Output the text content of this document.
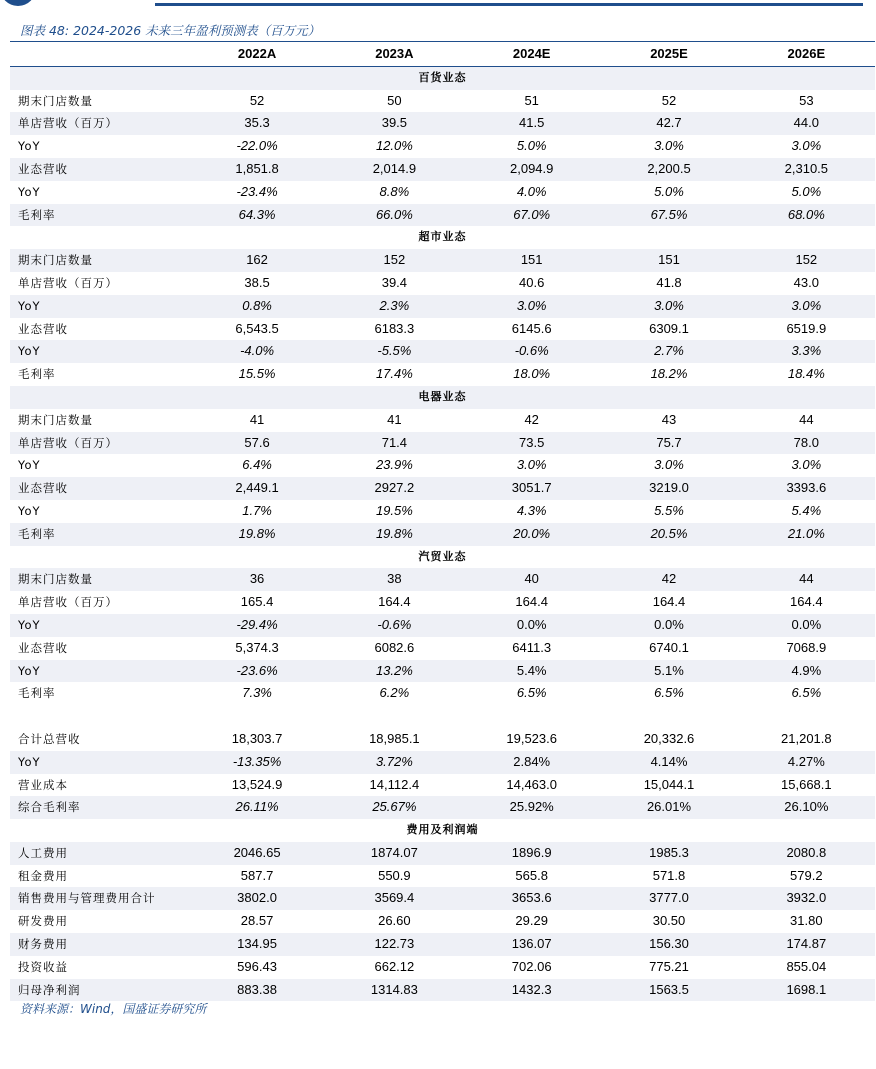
图表 48: 2024-2026 未来三年盈利预测表（百万元）
	2022A	2023A	2024E	2025E	2026E
百货业态					
期末门店数量	52	50	51	52	53
单店营收（百万）	35.3	39.5	41.5	42.7	44.0
YoY	-22.0%	12.0%	5.0%	3.0%	3.0%
业态营收	1,851.8	2,014.9	2,094.9	2,200.5	2,310.5
YoY	-23.4%	8.8%	4.0%	5.0%	5.0%
毛利率	64.3%	66.0%	67.0%	67.5%	68.0%
超市业态					
期末门店数量	162	152	151	151	152
单店营收（百万）	38.5	39.4	40.6	41.8	43.0
YoY	0.8%	2.3%	3.0%	3.0%	3.0%
业态营收	6,543.5	6183.3	6145.6	6309.1	6519.9
YoY	-4.0%	-5.5%	-0.6%	2.7%	3.3%
毛利率	15.5%	17.4%	18.0%	18.2%	18.4%
电器业态					
期末门店数量	41	41	42	43	44
单店营收（百万）	57.6	71.4	73.5	75.7	78.0
YoY	6.4%	23.9%	3.0%	3.0%	3.0%
业态营收	2,449.1	2927.2	3051.7	3219.0	3393.6
YoY	1.7%	19.5%	4.3%	5.5%	5.4%
毛利率	19.8%	19.8%	20.0%	20.5%	21.0%
汽贸业态					
期末门店数量	36	38	40	42	44
单店营收（百万）	165.4	164.4	164.4	164.4	164.4
YoY	-29.4%	-0.6%	0.0%	0.0%	0.0%
业态营收	5,374.3	6082.6	6411.3	6740.1	7068.9
YoY	-23.6%	13.2%	5.4%	5.1%	4.9%
毛利率	7.3%	6.2%	6.5%	6.5%	6.5%

合计总营收	18,303.7	18,985.1	19,523.6	20,332.6	21,201.8
YoY	-13.35%	3.72%	2.84%	4.14%	4.27%
营业成本	13,524.9	14,112.4	14,463.0	15,044.1	15,668.1
综合毛利率	26.11%	25.67%	25.92%	26.01%	26.10%
费用及利润端					
人工费用	2046.65	1874.07	1896.9	1985.3	2080.8
租金费用	587.7	550.9	565.8	571.8	579.2
销售费用与管理费用合计	3802.0	3569.4	3653.6	3777.0	3932.0
研发费用	28.57	26.60	29.29	30.50	31.80
财务费用	134.95	122.73	136.07	156.30	174.87
投资收益	596.43	662.12	702.06	775.21	855.04
归母净利润	883.38	1314.83	1432.3	1563.5	1698.1
资料来源：Wind，国盛证券研究所
